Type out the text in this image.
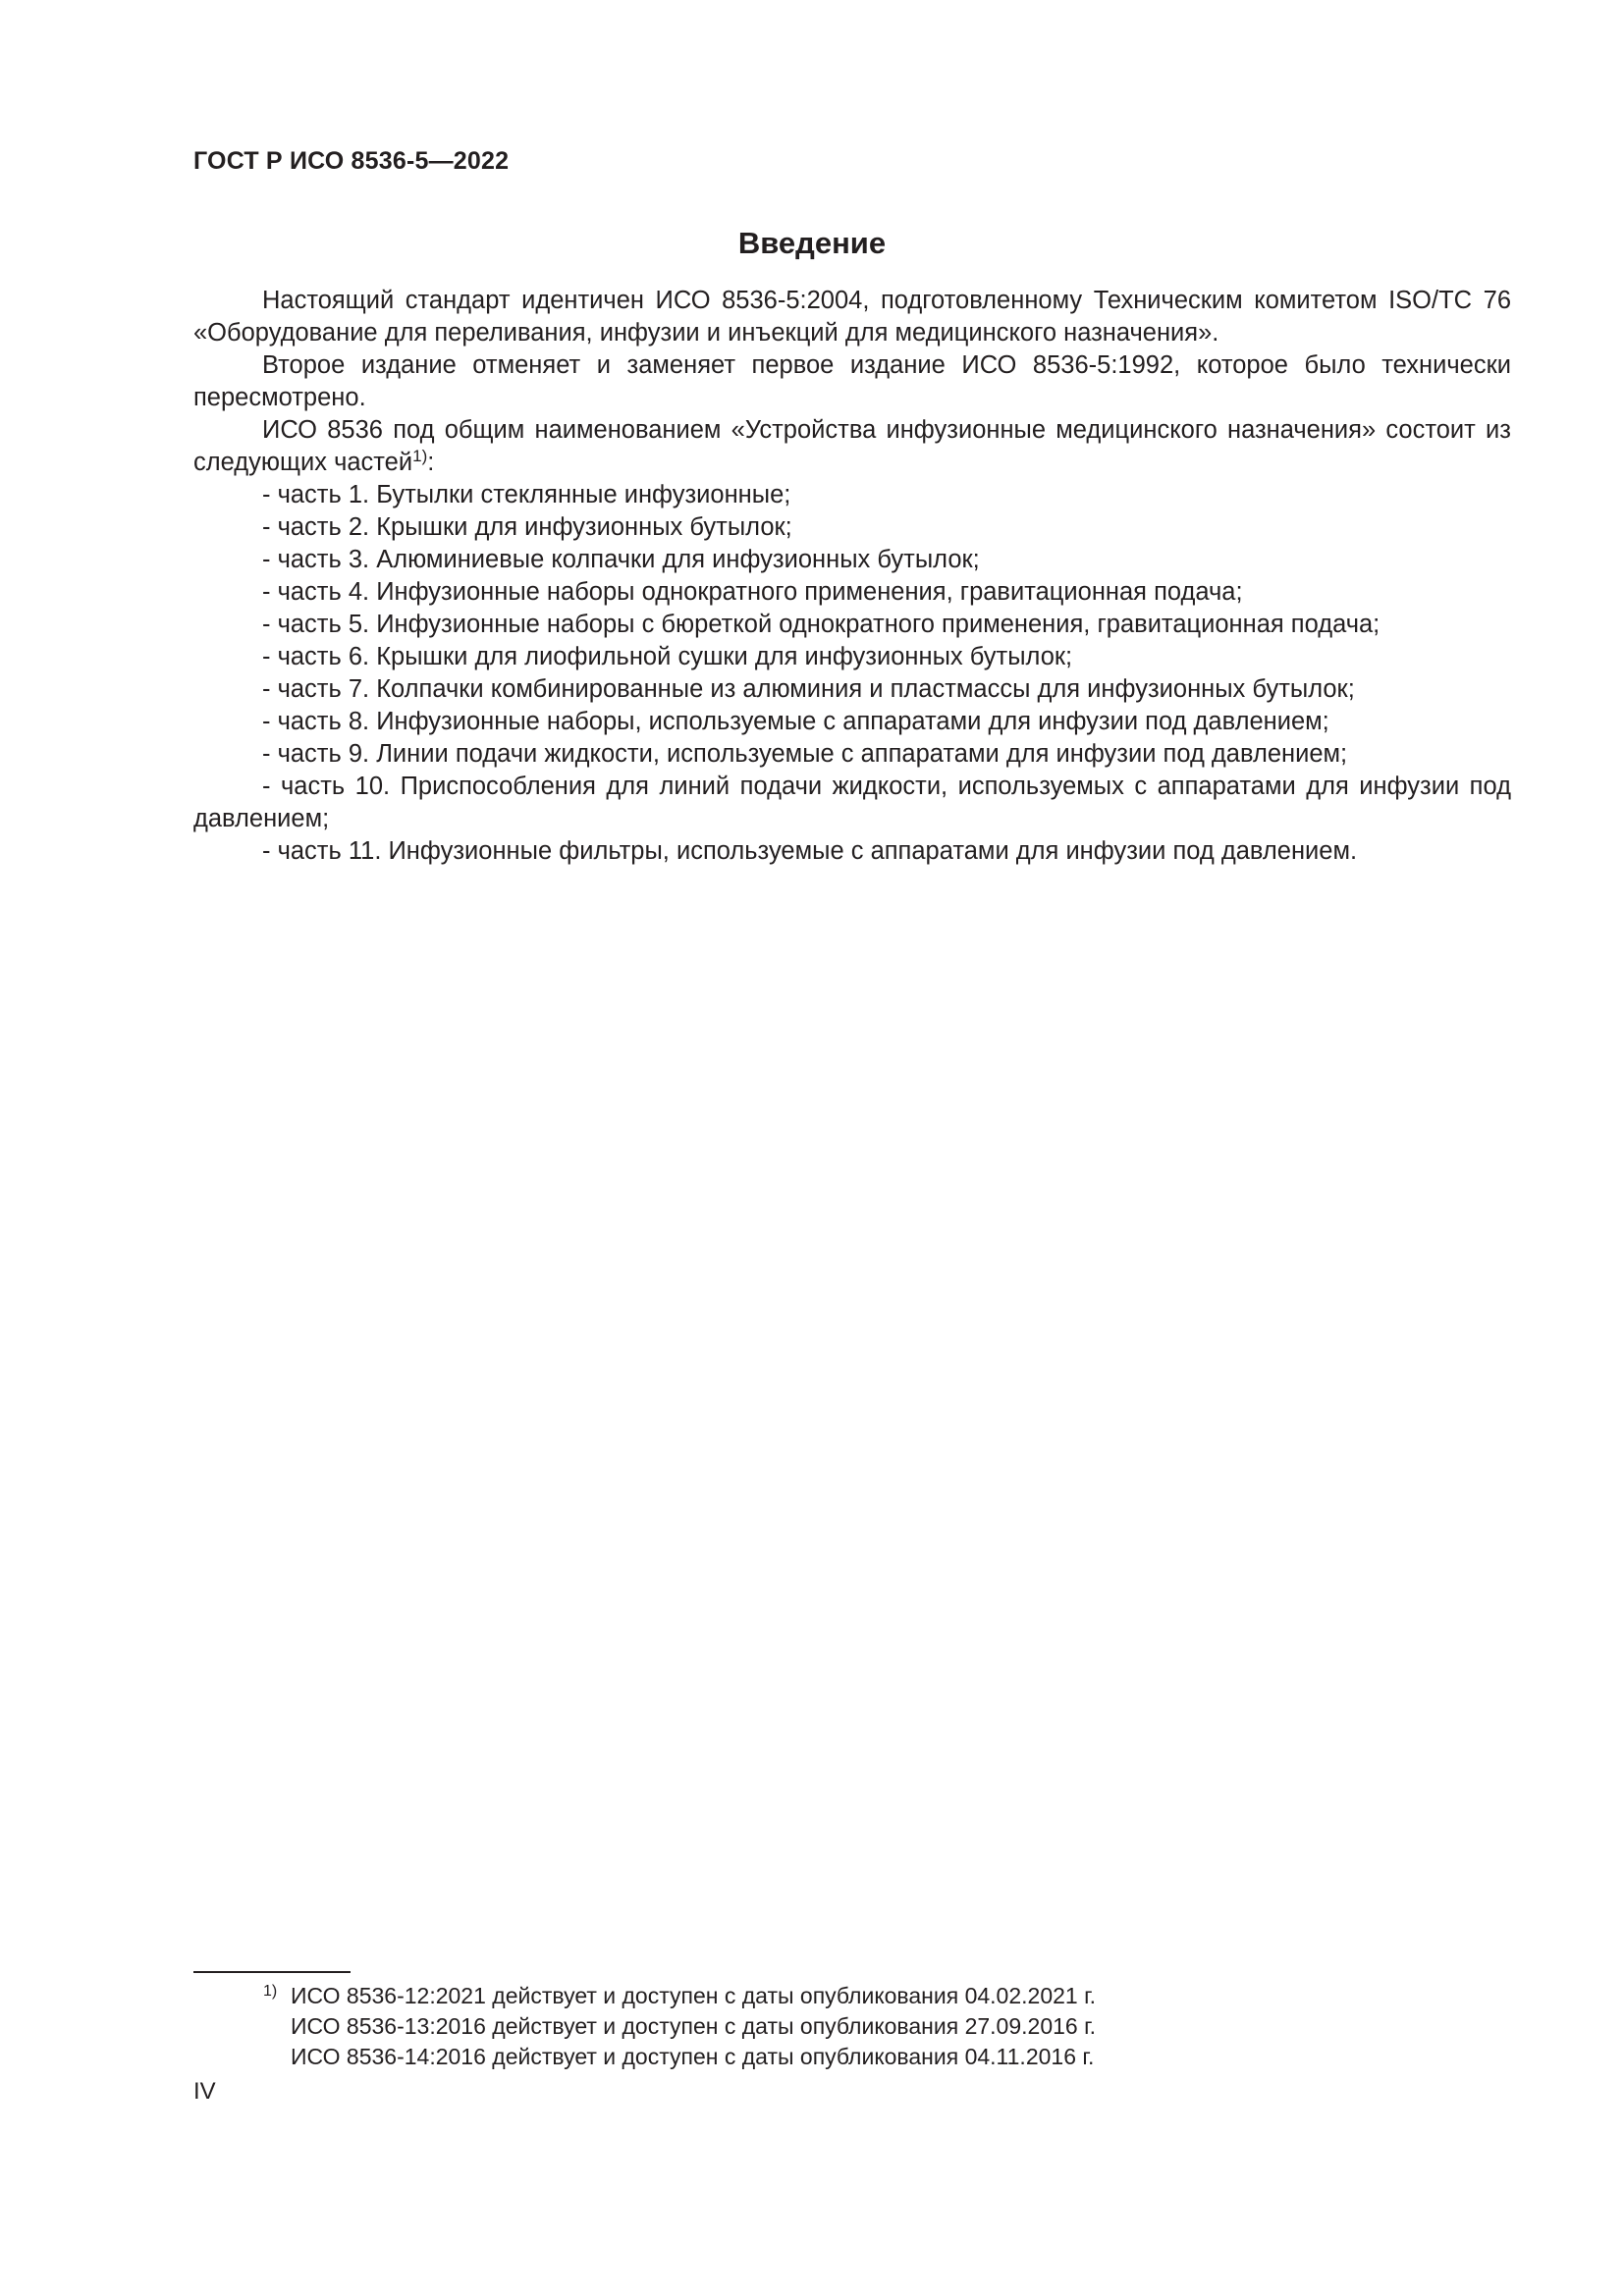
ГОСТ Р ИСО 8536-5—2022
Введение

Настоящий стандарт идентичен ИСО 8536-5:2004, подготовленному Техническим комитетом ISO/TC 76 «Оборудование для переливания, инфузии и инъекций для медицинского назначения».

Второе издание отменяет и заменяет первое издание ИСО 8536-5:1992, которое было технически пересмотрено.

ИСО 8536 под общим наименованием «Устройства инфузионные медицинского назначения» состоит из следующих частей$^{1)}$:

- часть 1. Бутылки стеклянные инфузионные;
- часть 2. Крышки для инфузионных бутылок;
- часть 3. Алюминиевые колпачки для инфузионных бутылок;
- часть 4. Инфузионные наборы однократного применения, гравитационная подача;
- часть 5. Инфузионные наборы с бюреткой однократного применения, гравитационная подача;
- часть 6. Крышки для лиофильной сушки для инфузионных бутылок;
- часть 7. Колпачки комбинированные из алюминия и пластмассы для инфузионных бутылок;
- часть 8. Инфузионные наборы, используемые с аппаратами для инфузии под давлением;
- часть 9. Линии подачи жидкости, используемые с аппаратами для инфузии под давлением;
- часть 10. Приспособления для линий подачи жидкости, используемых с аппаратами для инфузии под давлением;
- часть 11. Инфузионные фильтры, используемые с аппаратами для инфузии под давлением.
1) ИСО 8536-12:2021 действует и доступен с даты опубликования 04.02.2021 г.
ИСО 8536-13:2016 действует и доступен с даты опубликования 27.09.2016 г.
ИСО 8536-14:2016 действует и доступен с даты опубликования 04.11.2016 г.
IV
